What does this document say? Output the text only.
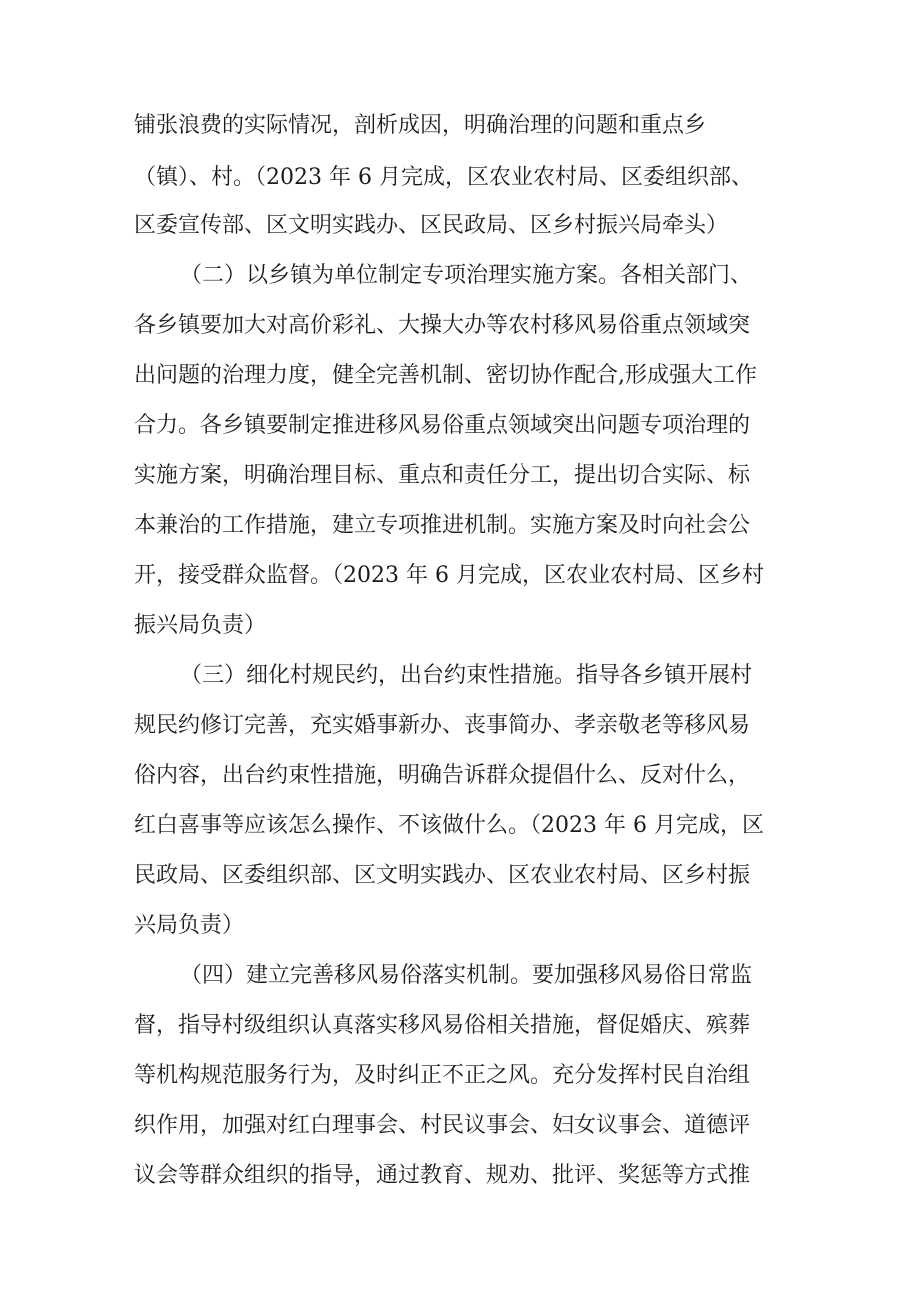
铺张浪费的实际情况，剖析成因，明确治理的问题和重点乡
（镇）、村。（2023 年 6 月完成，区农业农村局、区委组织部、
区委宣传部、区文明实践办、区民政局、区乡村振兴局牵头）
（二）以乡镇为单位制定专项治理实施方案。各相关部门、
各乡镇要加大对高价彩礼、大操大办等农村移风易俗重点领域突
出问题的治理力度，健全完善机制、密切协作配合,形成强大工作
合力。各乡镇要制定推进移风易俗重点领域突出问题专项治理的
实施方案，明确治理目标、重点和责任分工，提出切合实际、标
本兼治的工作措施，建立专项推进机制。实施方案及时向社会公
开，接受群众监督。（2023 年 6 月完成，区农业农村局、区乡村
振兴局负责）
（三）细化村规民约，出台约束性措施。指导各乡镇开展村
规民约修订完善，充实婚事新办、丧事简办、孝亲敬老等移风易
俗内容，出台约束性措施，明确告诉群众提倡什么、反对什么，
红白喜事等应该怎么操作、不该做什么。（2023 年 6 月完成，区
民政局、区委组织部、区文明实践办、区农业农村局、区乡村振
兴局负责）
（四）建立完善移风易俗落实机制。要加强移风易俗日常监
督，指导村级组织认真落实移风易俗相关措施，督促婚庆、殡葬
等机构规范服务行为，及时纠正不正之风。充分发挥村民自治组
织作用，加强对红白理事会、村民议事会、妇女议事会、道德评
议会等群众组织的指导，通过教育、规劝、批评、奖惩等方式推
